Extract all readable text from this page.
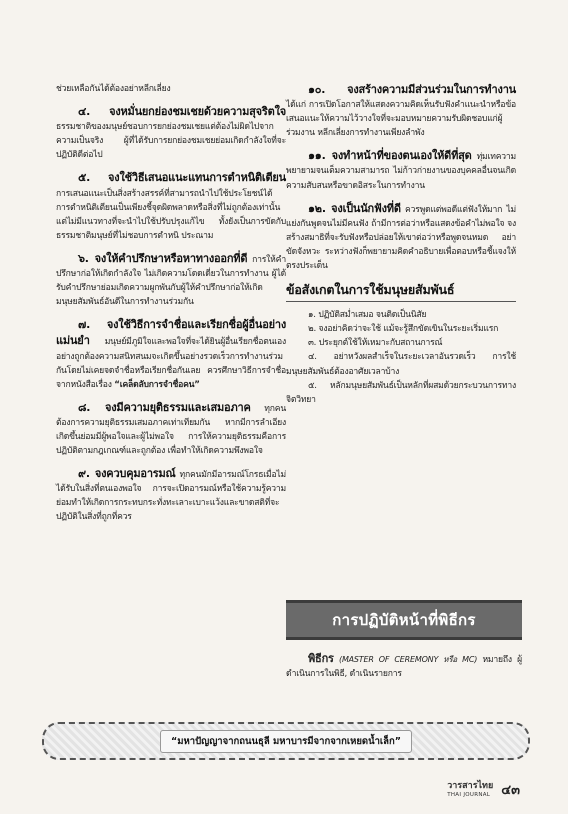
ช่วยเหลือกันได้ต้องอย่าหลีกเลี่ยง

๔. จงหมั่นยกย่องชมเชยด้วยความสุจริตใจ ธรรมชาติของมนุษย์ชอบการยกย่องชมเชยแต่ต้องไม่ผิดไปจากความเป็นจริง ผู้ที่ได้รับการยกย่องชมเชยย่อมเกิดกำลังใจที่จะปฏิบัติดีต่อไป

๕. จงใช้วิธีเสนอแนะแทนการตำหนิติเตียน การเสนอแนะเป็นสิ่งสร้างสรรค์ที่สามารถนำไปใช้ประโยชน์ได้ การตำหนิติเตียนเป็นเพียงชี้จุดผิดพลาดหรือสิ่งที่ไม่ถูกต้องเท่านั้น แต่ไม่มีแนวทางที่จะนำไปใช้ปรับปรุงแก้ไข ทั้งยังเป็นการขัดกับธรรมชาติมนุษย์ที่ไม่ชอบการตำหนิ ประณาม

๖. จงให้คำปรึกษาหรือหาทางออกที่ดี การให้คำปรึกษาก่อให้เกิดกำลังใจ ไม่เกิดความโดดเดี่ยวในการทำงาน ผู้ได้รับคำปรึกษาย่อมเกิดความผูกพันกับผู้ให้คำปรึกษาก่อให้เกิดมนุษยสัมพันธ์อันดีในการทำงานร่วมกัน

๗. จงใช้วิธีการจำชื่อและเรียกชื่อผู้อื่นอย่างแม่นยำ มนุษย์มีภูมิใจและพอใจที่จะได้ยินผู้อื่นเรียกชื่อตนเองอย่างถูกต้องความสนิทสนมจะเกิดขึ้นอย่างรวดเร็วการทำงานร่วมกันโดยไม่เคยจดจำชื่อหรือเรียกชื่อกันเลย ควรศึกษาวิธีการจำชื่อจากหนังสือเรื่อง “เคล็ดลับการจำชื่อคน”

๘. จงมีความยุติธรรมและเสมอภาค ทุกคนต้องการความยุติธรรมเสมอภาคเท่าเทียมกัน หากมีการลำเอียงเกิดขึ้นย่อมมีผู้พอใจและผู้ไม่พอใจ การให้ความยุติธรรมคือการปฏิบัติตามกฎเกณฑ์และถูกต้อง เพื่อทำให้เกิดความพึงพอใจ

๙. จงควบคุมอารมณ์ ทุกคนมักมีอารมณ์โกรธเมื่อไม่ได้รับในสิ่งที่ตนเองพอใจ การจะเปิดอารมณ์หรือใช้ความรู้ความย่อมทำให้เกิดการกระทบกระทั่งทะเลาะเบาะแว้งและขาดสติที่จะปฏิบัติในสิ่งที่ถูกที่ควร

๑๐. จงสร้างความมีส่วนร่วมในการทำงาน ได้แก่ การเปิดโอกาสให้แสดงความคิดเห็นรับฟังคำแนะนำหรือข้อเสนอแนะให้ความไว้วางใจที่จะมอบหมายความรับผิดชอบแก่ผู้ร่วมงาน หลีกเลี่ยงการทำงานเพียงลำพัง

๑๑. จงทำหน้าที่ของตนเองให้ดีที่สุด ทุ่มเทความพยายามจนเต็มความสามารถ ไม่ก้าวก่ายงานของบุคคลอื่นจนเกิดความสับสนหรือขาดอิสระในการทำงาน

๑๒. จงเป็นนักฟังที่ดี ควรพูดแต่พอดีแต่ฟังให้มาก ไม่แย่งกันพูดจนไม่มีคนฟัง ถ้ามีการต่อว่าหรือแสดงข้อคำไม่พอใจ จงสร้างสมาธิที่จะรับฟังหรือปล่อยให้เขาต่อว่าหรือพูดจนหมด อย่าขัดจังหวะ ระหว่างฟังก็พยายามคิดคำอธิบายเพื่อตอบหรือชี้แจงให้ตรงประเด็น

ข้อสังเกตในการใช้มนุษยสัมพันธ์

๑. ปฏิบัติสม่ำเสมอ จนติดเป็นนิสัย

๒. จงอย่าคิดว่าจะใช้ แม้จะรู้สึกขัดเขินในระยะเริ่มแรก

๓. ประยุกต์ใช้ให้เหมาะกับสถานการณ์

๔. อย่าหวังผลสำเร็จในระยะเวลาอันรวดเร็ว การใช้มนุษยสัมพันธ์ต้องอาศัยเวลาบ้าง

๕. หลักมนุษยสัมพันธ์เป็นหลักที่ผสมด้วยกระบวนการทางจิตวิทยา

การปฏิบัติหน้าที่พิธีกร
พิธีกร (MASTER OF CEREMONY หรือ MC) หมายถึง ผู้ดำเนินการในพิธี, ดำเนินรายการ
“มหาปัญญาจากถนนธุลี มหาบารมีจากจากเหยดน้ำเล็ก”
วารสารไทย
THAI JOURNAL ๔๓
